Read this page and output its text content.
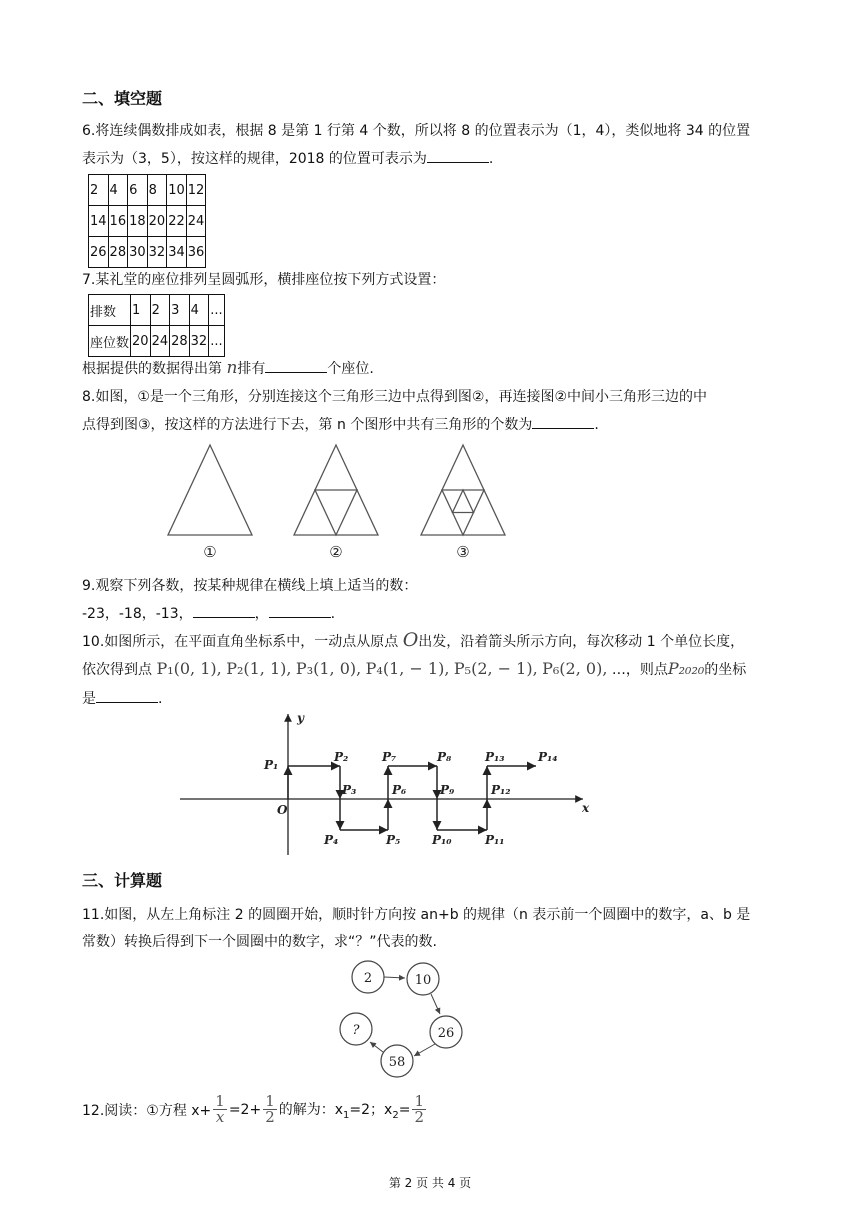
二、填空题
6.将连续偶数排成如表，根据 8 是第 1 行第 4 个数，所以将 8 的位置表示为（1，4），类似地将 34 的位置
表示为（3，5），按这样的规律，2018 的位置可表示为	.
2	4	6	8	10	12
14	16	18	20	22	24
26	28	30	32	34	36
7.某礼堂的座位排列呈圆弧形，横排座位按下列方式设置：
排数	1	2	3	4	...
座位数	20	24	28	32	...
根据提供的数据得出第 n排有	个座位.
8.如图，①是一个三角形，分别连接这个三角形三边中点得到图②，再连接图②中间小三角形三边的中
点得到图③，按这样的方法进行下去，第 n 个图形中共有三角形的个数为	.
①	②	③
9.观察下列各数，按某种规律在横线上填上适当的数：
-23，-18，-13，	，	.
10.如图所示，在平面直角坐标系中，一动点从原点 O出发，沿着箭头所示方向，每次移动 1 个单位长度，
依次得到点 P₁(0, 1), P₂(1, 1), P₃(1, 0), P₄(1, − 1), P₅(2, − 1), P₆(2, 0), …，则点P₂₀₂₀的坐标
是	.
y
x
O
P₁
P₂
P₃
P₄	P₅
P₆
P₇	P₈
P₉
P₁₀	P₁₁
P₁₂
P₁₃	P₁₄
三、计算题
11.如图，从左上角标注 2 的圆圈开始，顺时针方向按 an+b 的规律（n 表示前一个圆圈中的数字，a、b 是
常数）转换后得到下一个圆圈中的数字，求“？”代表的数.
2	10
26
58
?
12.阅读：①方程 $x+ \frac{1}{x} =2+ \frac{1}{2}$ 的解为：$x_1=2$；$x_2= \frac{1}{2}$
第 2 页 共 4 页
